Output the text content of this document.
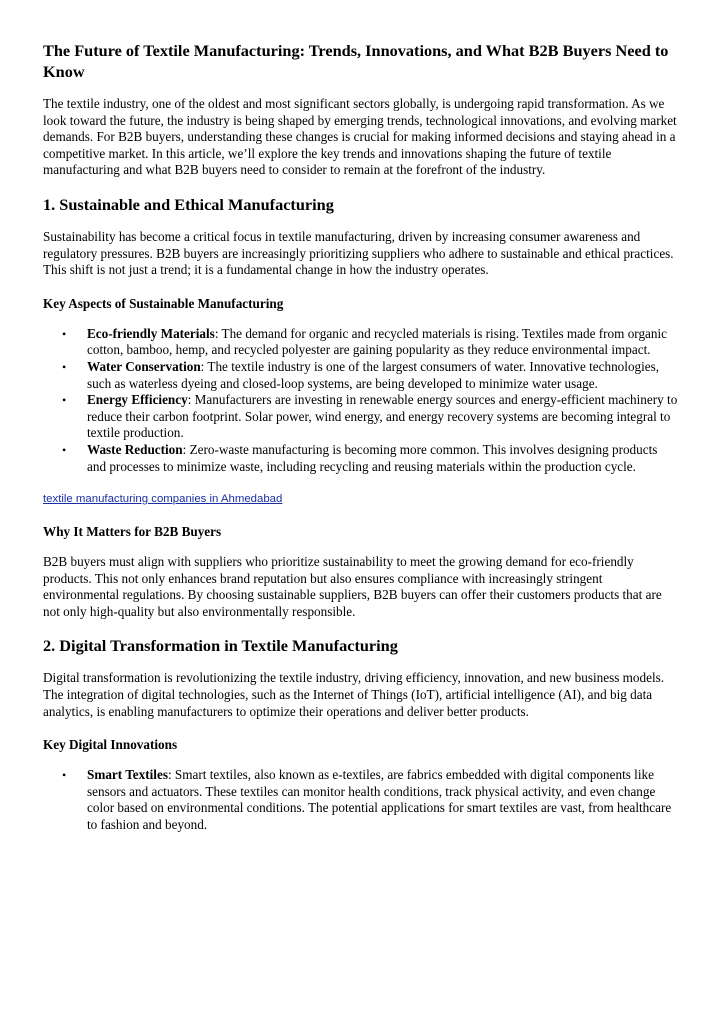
The Future of Textile Manufacturing: Trends, Innovations, and What B2B Buyers Need to Know

The textile industry, one of the oldest and most significant sectors globally, is undergoing rapid transformation. As we look toward the future, the industry is being shaped by emerging trends, technological innovations, and evolving market demands. For B2B buyers, understanding these changes is crucial for making informed decisions and staying ahead in a competitive market. In this article, we’ll explore the key trends and innovations shaping the future of textile manufacturing and what B2B buyers need to consider to remain at the forefront of the industry.

1. Sustainable and Ethical Manufacturing

Sustainability has become a critical focus in textile manufacturing, driven by increasing consumer awareness and regulatory pressures. B2B buyers are increasingly prioritizing suppliers who adhere to sustainable and ethical practices. This shift is not just a trend; it is a fundamental change in how the industry operates.

Key Aspects of Sustainable Manufacturing
• Eco-friendly Materials: The demand for organic and recycled materials is rising. Textiles made from organic cotton, bamboo, hemp, and recycled polyester are gaining popularity as they reduce environmental impact.
• Water Conservation: The textile industry is one of the largest consumers of water. Innovative technologies, such as waterless dyeing and closed-loop systems, are being developed to minimize water usage.
• Energy Efficiency: Manufacturers are investing in renewable energy sources and energy-efficient machinery to reduce their carbon footprint. Solar power, wind energy, and energy recovery systems are becoming integral to textile production.
• Waste Reduction: Zero-waste manufacturing is becoming more common. This involves designing products and processes to minimize waste, including recycling and reusing materials within the production cycle.
textile manufacturing companies in Ahmedabad
Why It Matters for B2B Buyers

B2B buyers must align with suppliers who prioritize sustainability to meet the growing demand for eco-friendly products. This not only enhances brand reputation but also ensures compliance with increasingly stringent environmental regulations. By choosing sustainable suppliers, B2B buyers can offer their customers products that are not only high-quality but also environmentally responsible.

2. Digital Transformation in Textile Manufacturing

Digital transformation is revolutionizing the textile industry, driving efficiency, innovation, and new business models. The integration of digital technologies, such as the Internet of Things (IoT), artificial intelligence (AI), and big data analytics, is enabling manufacturers to optimize their operations and deliver better products.

Key Digital Innovations
• Smart Textiles: Smart textiles, also known as e-textiles, are fabrics embedded with digital components like sensors and actuators. These textiles can monitor health conditions, track physical activity, and even change color based on environmental conditions. The potential applications for smart textiles are vast, from healthcare to fashion and beyond.
